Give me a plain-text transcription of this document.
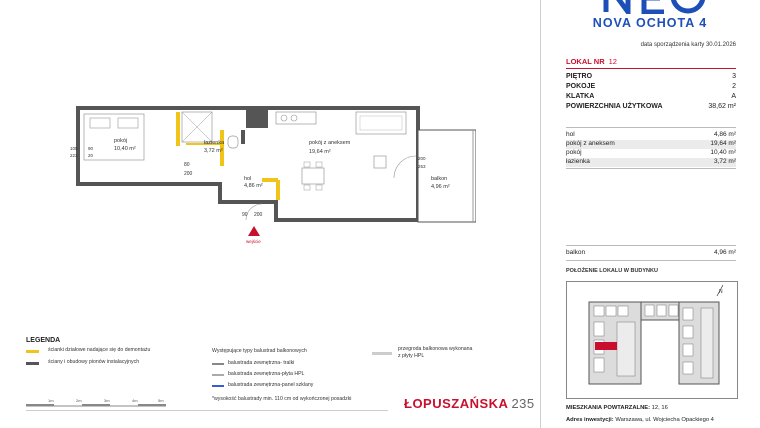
NOVA OCHOTA 4
data sporządzenia karty 30.01.2026
LOKAL NR 12
PIĘTRO	3
POKOJE	2
KLATKA	A
POWIERZCHNIA UŻYTKOWA	38,62 m²
hol	4,86 m²
pokój z aneksem	19,64 m²
pokój	10,40 m²
łazienka	3,72 m²
balkon	4,96 m²
POŁOŻENIE LOKALU W BUDYNKU
N
MIESZKANIA POWTARZALNE: 12, 16
Adres inwestycji: Warszawa, ul. Wojciecha Opackiego 4
wejście
pokój
10,40 m²
łazienka
3,72 m²
pokój z aneksem
19,64 m²
hol
4,86 m²
balkon
4,96 m²
105
223
90
20
80
200
90 200
200
253
LEGENDA
ścianki działowe nadające się do demontażu
ściany i obudowy pionów instalacyjnych
Występujące typy balustrad balkonowych
balustrada zewnętrzna- tralki
balustrada zewnętrzna-płyta HPL
balustrada zewnętrzna-panel szklany
*wysokość balustrady min. 110 cm od wykończonej posadzki
przegroda balkonowa wykonana
z płyty HPL
1m	2m	3m	4m	5m	ŁOPUSZAŃSKA 235
